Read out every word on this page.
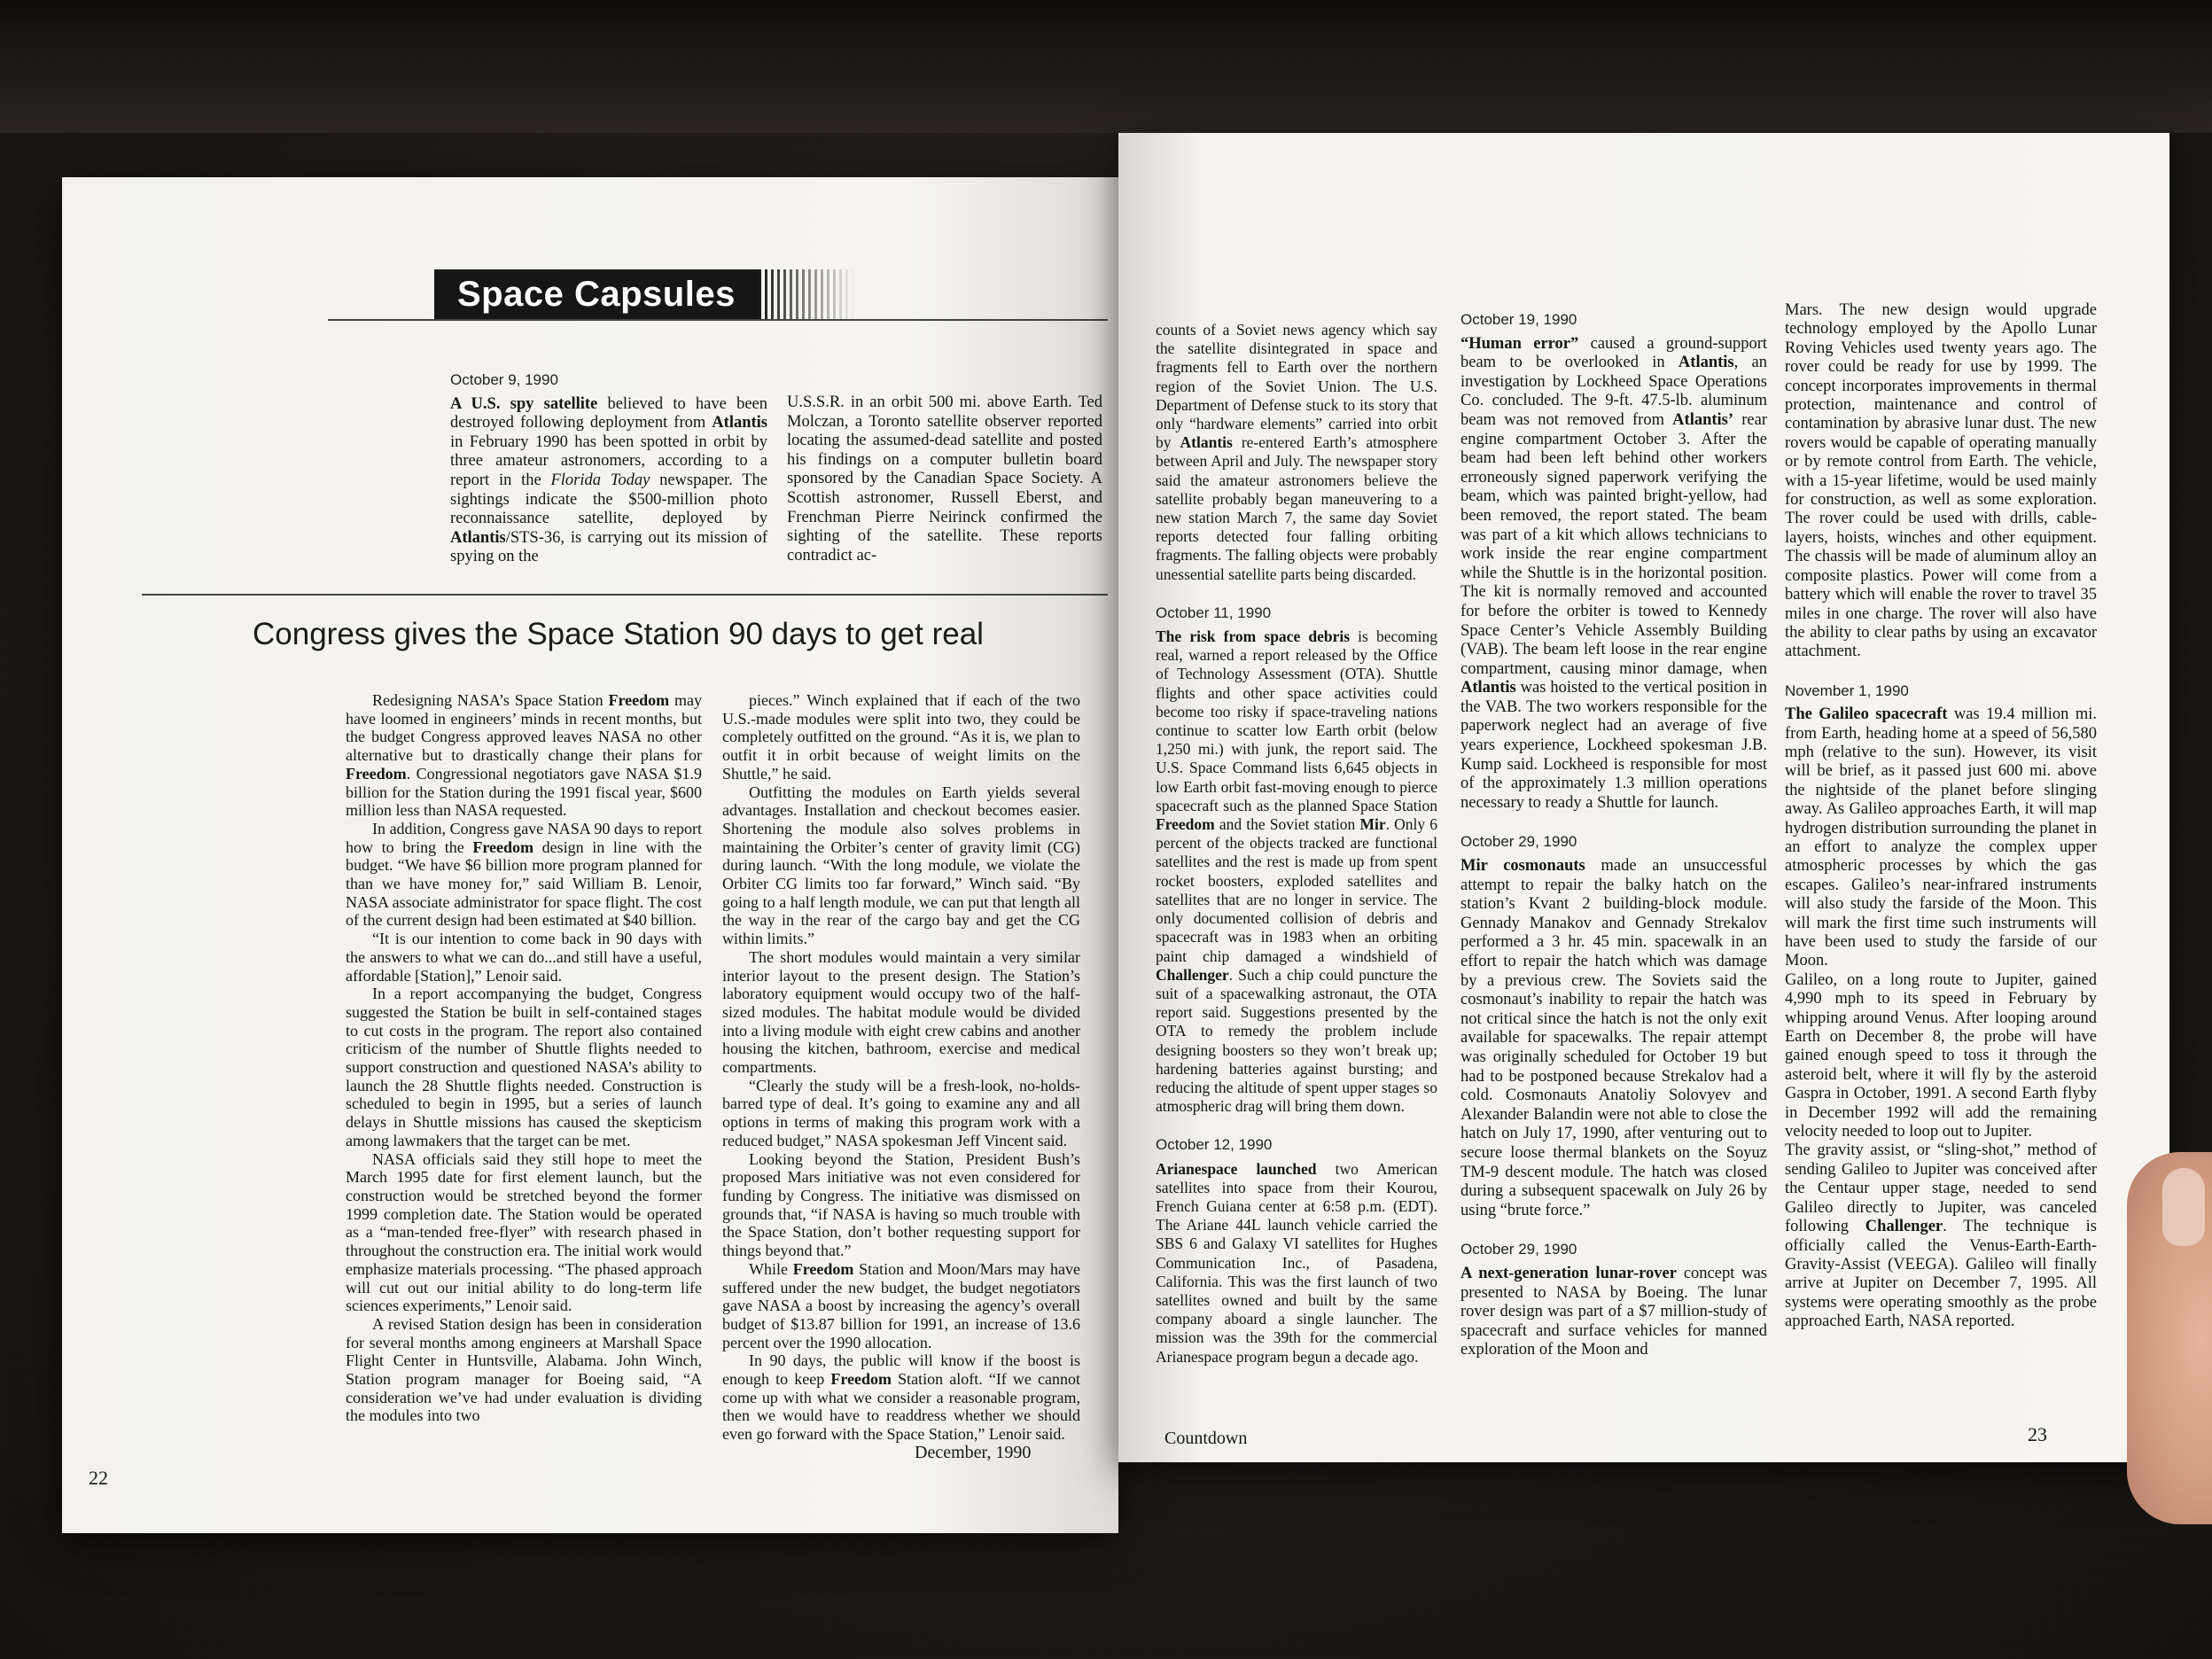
Space Capsules
October 9, 1990

A U.S. spy satellite believed to have been destroyed following deployment from Atlantis in February 1990 has been spotted in orbit by three amateur astronomers, according to a report in the Florida Today newspaper. The sightings indicate the $500-million photo reconnaissance satellite, deployed by Atlantis/STS-36, is carrying out its mission of spying on the

U.S.S.R. in an orbit 500 mi. above Earth. Ted Molczan, a Toronto satellite observer reported locating the assumed-dead satellite and posted his findings on a computer bulletin board sponsored by the Canadian Space Society. A Scottish astronomer, Russell Eberst, and Frenchman Pierre Neirinck confirmed the sighting of the satellite. These reports contradict ac-

Congress gives the Space Station 90 days to get real

Redesigning NASA’s Space Station Freedom may have loomed in engineers’ minds in recent months, but the budget Congress approved leaves NASA no other alternative but to drastically change their plans for Freedom. Congressional negotiators gave NASA $1.9 billion for the Station during the 1991 fiscal year, $600 million less than NASA requested.

In addition, Congress gave NASA 90 days to report how to bring the Freedom design in line with the budget. “We have $6 billion more program planned for than we have money for,” said William B. Lenoir, NASA associate administrator for space flight. The cost of the current design had been estimated at $40 billion.

“It is our intention to come back in 90 days with the answers to what we can do...and still have a useful, affordable [Station],” Lenoir said.

In a report accompanying the budget, Congress suggested the Station be built in self-contained stages to cut costs in the program. The report also contained criticism of the number of Shuttle flights needed to support construction and questioned NASA’s ability to launch the 28 Shuttle flights needed. Construction is scheduled to begin in 1995, but a series of launch delays in Shuttle missions has caused the skepticism among lawmakers that the target can be met.

NASA officials said they still hope to meet the March 1995 date for first element launch, but the construction would be stretched beyond the former 1999 completion date. The Station would be operated as a “man-tended free-flyer” with research phased in throughout the construction era. The initial work would emphasize materials processing. “The phased approach will cut out our initial ability to do long-term life sciences experiments,” Lenoir said.

A revised Station design has been in consideration for several months among engineers at Marshall Space Flight Center in Huntsville, Alabama. John Winch, Station program manager for Boeing said, “A consideration we’ve had under evaluation is dividing the modules into two

pieces.” Winch explained that if each of the two U.S.-made modules were split into two, they could be completely outfitted on the ground. “As it is, we plan to outfit it in orbit because of weight limits on the Shuttle,” he said.

Outfitting the modules on Earth yields several advantages. Installation and checkout becomes easier. Shortening the module also solves problems in maintaining the Orbiter’s center of gravity limit (CG) during launch. “With the long module, we violate the Orbiter CG limits too far forward,” Winch said. “By going to a half length module, we can put that length all the way in the rear of the cargo bay and get the CG within limits.”

The short modules would maintain a very similar interior layout to the present design. The Station’s laboratory equipment would occupy two of the half-sized modules. The habitat module would be divided into a living module with eight crew cabins and another housing the kitchen, bathroom, exercise and medical compartments.

“Clearly the study will be a fresh-look, no-holds-barred type of deal. It’s going to examine any and all options in terms of making this program work with a reduced budget,” NASA spokesman Jeff Vincent said.

Looking beyond the Station, President Bush’s proposed Mars initiative was not even considered for funding by Congress. The initiative was dismissed on grounds that, “if NASA is having so much trouble with the Space Station, don’t bother requesting support for things beyond that.”

While Freedom Station and Moon/Mars may have suffered under the new budget, the budget negotiators gave NASA a boost by increasing the agency’s overall budget of $13.87 billion for 1991, an increase of 13.6 percent over the 1990 allocation.

In 90 days, the public will know if the boost is enough to keep Freedom Station aloft. “If we cannot come up with what we consider a reasonable program, then we would have to readdress whether we should even go forward with the Space Station,” Lenoir said.

22
December, 1990

counts of a Soviet news agency which say the satellite disintegrated in space and fragments fell to Earth over the northern region of the Soviet Union. The U.S. Department of Defense stuck to its story that only “hardware elements” carried into orbit by Atlantis re-entered Earth’s atmosphere between April and July. The newspaper story said the amateur astronomers believe the satellite probably began maneuvering to a new station March 7, the same day Soviet reports detected four falling orbiting fragments. The falling objects were probably unessential satellite parts being discarded.

October 11, 1990

The risk from space debris is becoming real, warned a report released by the Office of Technology Assessment (OTA). Shuttle flights and other space activities could become too risky if space-traveling nations continue to scatter low Earth orbit (below 1,250 mi.) with junk, the report said. The U.S. Space Command lists 6,645 objects in low Earth orbit fast-moving enough to pierce spacecraft such as the planned Space Station Freedom and the Soviet station Mir. Only 6 percent of the objects tracked are functional satellites and the rest is made up from spent rocket boosters, exploded satellites and satellites that are no longer in service. The only documented collision of debris and spacecraft was in 1983 when an orbiting paint chip damaged a windshield of Challenger. Such a chip could puncture the suit of a spacewalking astronaut, the OTA report said. Suggestions presented by the OTA to remedy the problem include designing boosters so they won’t break up; hardening batteries against bursting; and reducing the altitude of spent upper stages so atmospheric drag will bring them down.

October 12, 1990

Arianespace launched two American satellites into space from their Kourou, French Guiana center at 6:58 p.m. (EDT). The Ariane 44L launch vehicle carried the SBS 6 and Galaxy VI satellites for Hughes Communication Inc., of Pasadena, California. This was the first launch of two satellites owned and built by the same company aboard a single launcher. The mission was the 39th for the commercial Arianespace program begun a decade ago.

October 19, 1990

“Human error” caused a ground-support beam to be overlooked in Atlantis, an investigation by Lockheed Space Operations Co. concluded. The 9-ft. 47.5-lb. aluminum beam was not removed from Atlantis’ rear engine compartment October 3. After the beam had been left behind other workers erroneously signed paperwork verifying the beam, which was painted bright-yellow, had been removed, the report stated. The beam was part of a kit which allows technicians to work inside the rear engine compartment while the Shuttle is in the horizontal position. The kit is normally removed and accounted for before the orbiter is towed to Kennedy Space Center’s Vehicle Assembly Building (VAB). The beam left loose in the rear engine compartment, causing minor damage, when Atlantis was hoisted to the vertical position in the VAB. The two workers responsible for the paperwork neglect had an average of five years experience, Lockheed spokesman J.B. Kump said. Lockheed is responsible for most of the approximately 1.3 million operations necessary to ready a Shuttle for launch.

October 29, 1990

Mir cosmonauts made an unsuccessful attempt to repair the balky hatch on the station’s Kvant 2 building-block module. Gennady Manakov and Gennady Strekalov performed a 3 hr. 45 min. spacewalk in an effort to repair the hatch which was damage by a previous crew. The Soviets said the cosmonaut’s inability to repair the hatch was not critical since the hatch is not the only exit available for spacewalks. The repair attempt was originally scheduled for October 19 but had to be postponed because Strekalov had a cold. Cosmonauts Anatoliy Solovyev and Alexander Balandin were not able to close the hatch on July 17, 1990, after venturing out to secure loose thermal blankets on the Soyuz TM-9 descent module. The hatch was closed during a subsequent spacewalk on July 26 by using “brute force.”

October 29, 1990

A next-generation lunar-rover concept was presented to NASA by Boeing. The lunar rover design was part of a $7 million-study of spacecraft and surface vehicles for manned exploration of the Moon and

Mars. The new design would upgrade technology employed by the Apollo Lunar Roving Vehicles used twenty years ago. The rover could be ready for use by 1999. The concept incorporates improvements in thermal protection, maintenance and control of contamination by abrasive lunar dust. The new rovers would be capable of operating manually or by remote control from Earth. The vehicle, with a 15-year lifetime, would be used mainly for construction, as well as some exploration. The rover could be used with drills, cable-layers, hoists, winches and other equipment. The chassis will be made of aluminum alloy an composite plastics. Power will come from a battery which will enable the rover to travel 35 miles in one charge. The rover will also have the ability to clear paths by using an excavator attachment.

November 1, 1990

The Galileo spacecraft was 19.4 million mi. from Earth, heading home at a speed of 56,580 mph (relative to the sun). However, its visit will be brief, as it passed just 600 mi. above the nightside of the planet before slinging away. As Galileo approaches Earth, it will map hydrogen distribution surrounding the planet in an effort to analyze the complex upper atmospheric processes by which the gas escapes. Galileo’s near-infrared instruments will also study the farside of the Moon. This will mark the first time such instruments will have been used to study the farside of our Moon.

Galileo, on a long route to Jupiter, gained 4,990 mph to its speed in February by whipping around Venus. After looping around Earth on December 8, the probe will have gained enough speed to toss it through the asteroid belt, where it will fly by the asteroid Gaspra in October, 1991. A second Earth flyby in December 1992 will add the remaining velocity needed to loop out to Jupiter.

The gravity assist, or “sling-shot,” method of sending Galileo to Jupiter was conceived after the Centaur upper stage, needed to send Galileo directly to Jupiter, was canceled following Challenger. The technique is officially called the Venus-Earth-Earth-Gravity-Assist (VEEGA). Galileo will finally arrive at Jupiter on December 7, 1995. All systems were operating smoothly as the probe approached Earth, NASA reported.

Countdown	23
